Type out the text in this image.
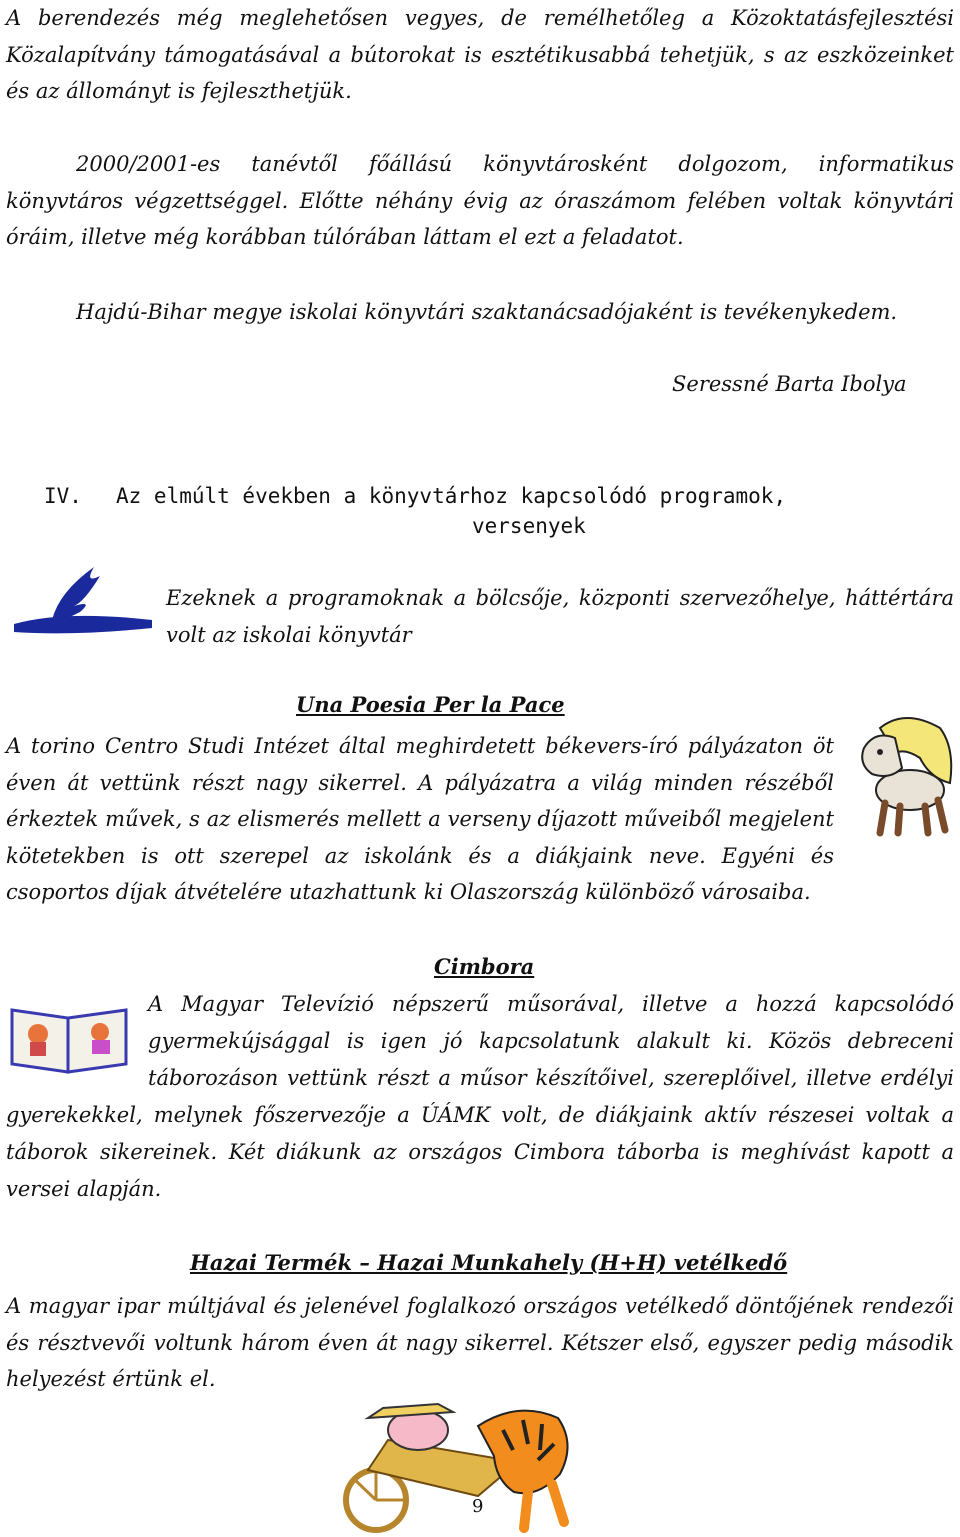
A berendezés még meglehetősen vegyes, de remélhetőleg a Közoktatásfejlesztési Közalapítvány támogatásával a bútorokat is esztétikusabbá tehetjük, s az eszközeinket és az állományt is fejleszthetjük.

2000/2001-es tanévtől főállású könyvtárosként dolgozom, informatikus könyvtáros végzettséggel. Előtte néhány évig az óraszámom felében voltak könyvtári óráim, illetve még korábban túlórában láttam el ezt a feladatot.

Hajdú-Bihar megye iskolai könyvtári szaktanácsadójaként is tevékenykedem.

Seressné Barta Ibolya

IV. Az elmúlt években a könyvtárhoz kapcsolódó programok,
versenyek

Ezeknek a programoknak a bölcsője, központi szervezőhelye, háttértára volt az iskolai könyvtár

Una Poesia Per la Pace

A torino Centro Studi Intézet által meghirdetett békevers-író pályázaton öt éven át vettünk részt nagy sikerrel. A pályázatra a világ minden részéből érkeztek művek, s az elismerés mellett a verseny díjazott műveiből megjelent kötetekben is ott szerepel az iskolánk és a diákjaink neve. Egyéni és csoportos díjak átvételére utazhattunk ki Olaszország különböző városaiba.

Cimbora
A Magyar Televízió népszerű műsorával, illetve a hozzá kapcsolódó gyermekújsággal is igen jó kapcsolatunk alakult ki. Közös debreceni táborozáson vettünk részt a műsor készítőivel, szereplőivel, illetve erdélyi gyerekekkel, melynek főszervezője a ÚÁMK volt, de diákjaink aktív részesei voltak a táborok sikereinek. Két diákunk az országos Cimbora táborba is meghívást kapott a versei alapján.
Hazai Termék – Hazai Munkahely (H+H) vetélkedő

A magyar ipar múltjával és jelenével foglalkozó országos vetélkedő döntőjének rendezői és résztvevői voltunk három éven át nagy sikerrel. Kétszer első, egyszer pedig második helyezést értünk el.

9
